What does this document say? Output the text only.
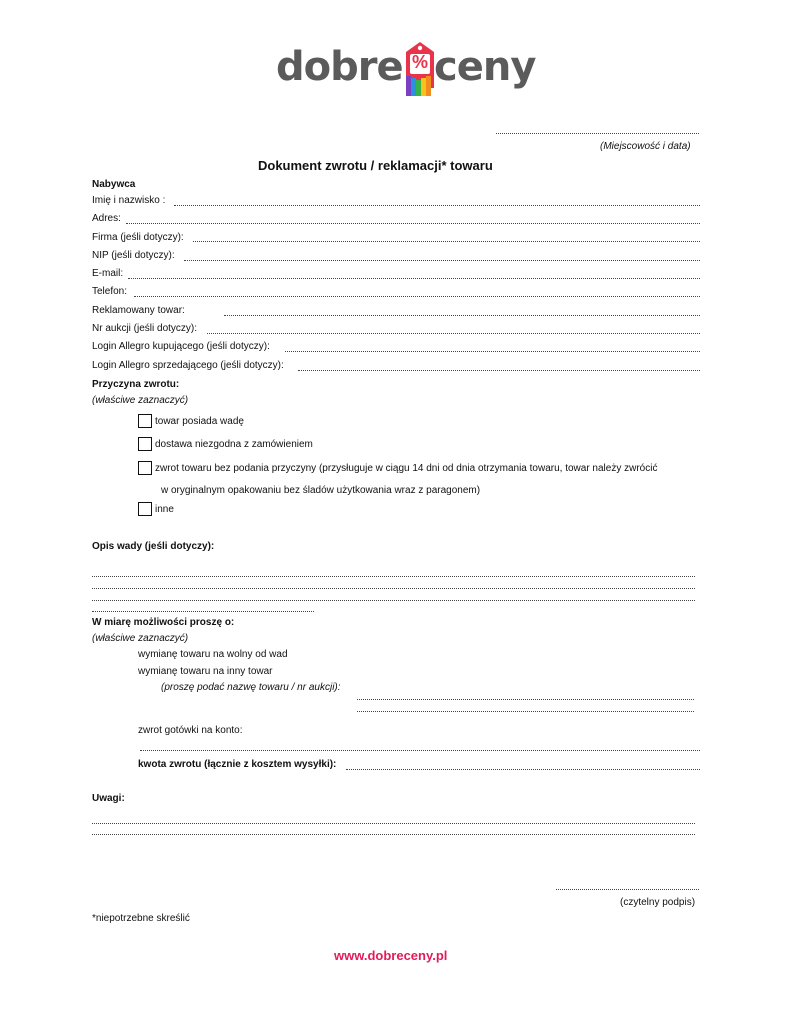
dobre % ceny
(Miejscowość i data)
Dokument zwrotu / reklamacji* towaru
Nabywca
Imię i nazwisko :
Adres:
Firma (jeśli dotyczy):
NIP (jeśli dotyczy):
E-mail:
Telefon:
Reklamowany towar:
Nr aukcji (jeśli dotyczy):
Login Allegro kupującego (jeśli dotyczy):
Login Allegro sprzedającego (jeśli dotyczy):
Przyczyna zwrotu:
(właściwe zaznaczyć)
towar posiada wadę
dostawa niezgodna z zamówieniem
zwrot towaru bez podania przyczyny (przysługuje w ciągu 14 dni od dnia otrzymania towaru, towar należy zwrócić
w oryginalnym opakowaniu bez śladów użytkowania wraz z paragonem)
inne
Opis wady (jeśli dotyczy):
W miarę możliwości proszę o:
(właściwe zaznaczyć)
wymianę towaru na wolny od wad
wymianę towaru na inny towar
(proszę podać nazwę towaru / nr aukcji):
zwrot gotówki na konto:
kwota zwrotu (łącznie z kosztem wysyłki):
Uwagi:
(czytelny podpis)
*niepotrzebne skreślić
www.dobreceny.pl
